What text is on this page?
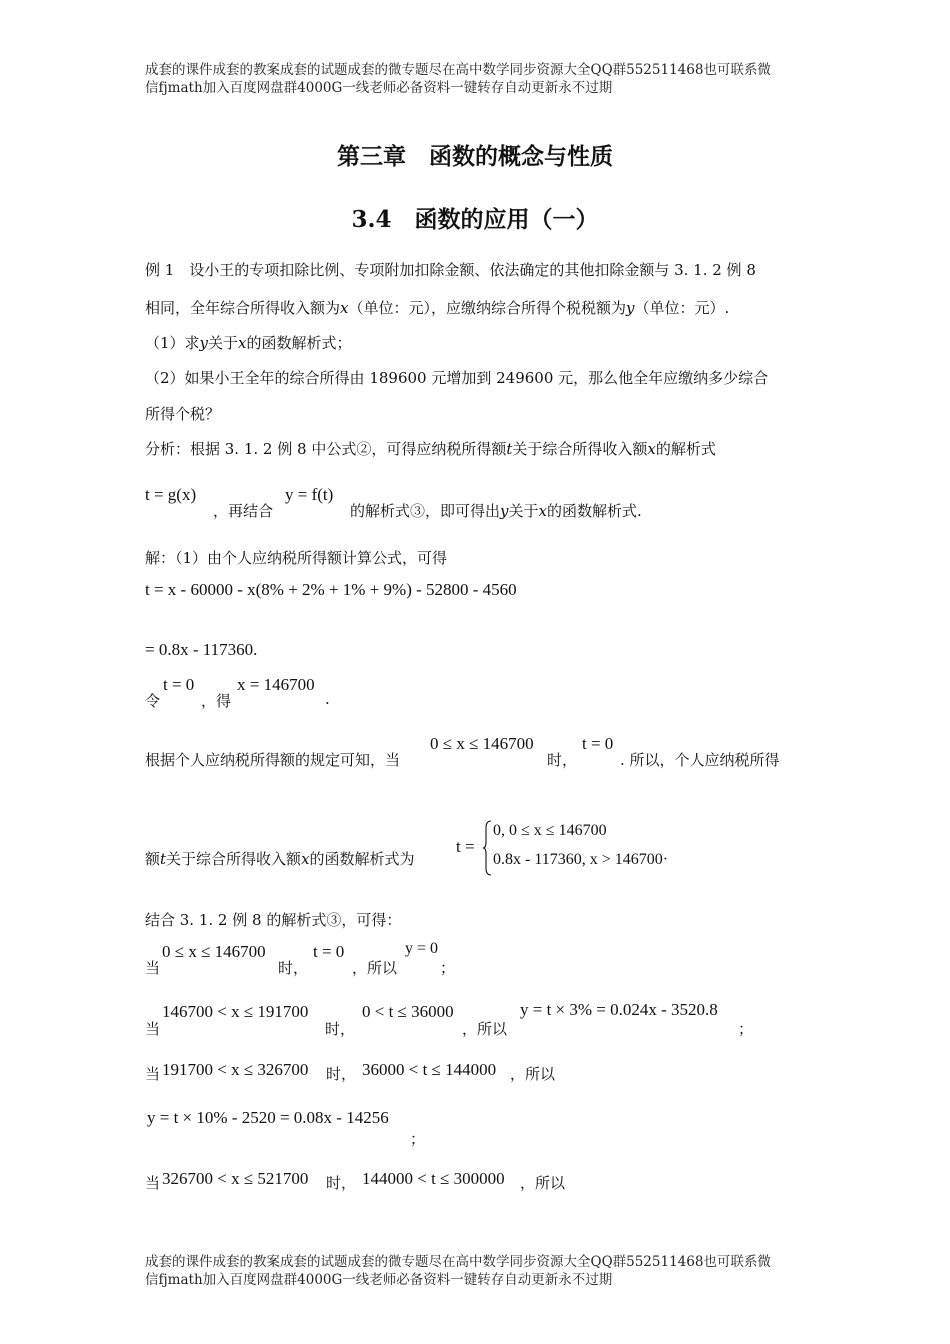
成套的课件成套的教案成套的试题成套的微专题尽在高中数学同步资源大全QQ群552511468也可联系微
信fjmath加入百度网盘群4000G一线老师必备资料一键转存自动更新永不过期
第三章　函数的概念与性质
3.4　函数的应用（一）
例 1　设小王的专项扣除比例、专项附加扣除金额、依法确定的其他扣除金额与 3. 1. 2 例 8
相同，全年综合所得收入额为x（单位：元），应缴纳综合所得个税税额为y（单位：元）.
（1）求y关于x的函数解析式；
（2）如果小王全年的综合所得由 189600 元增加到 249600 元，那么他全年应缴纳多少综合
所得个税？
分析：根据 3. 1. 2 例 8 中公式②，可得应纳税所得额t关于综合所得收入额x的解析式
t = g(x)
，再结合
y = f(t)
的解析式③，即可得出y关于x的函数解析式.
解：（1）由个人应纳税所得额计算公式，可得
t = x - 60000 - x(8% + 2% + 1% + 9%) - 52800 - 4560
= 0.8x - 117360.
令
t = 0
，得
x = 146700
.
根据个人应纳税所得额的规定可知，当
0 ≤ x ≤ 146700
时，
t = 0
. 所以，个人应纳税所得
额t关于综合所得收入额x的函数解析式为
t =
0, 0 ≤ x ≤ 146700
0.8x - 117360, x > 146700·
结合 3. 1. 2 例 8 的解析式③，可得：
当
0 ≤ x ≤ 146700
时，
t = 0
，所以
y = 0
；
当
146700 < x ≤ 191700
时，
0 < t ≤ 36000
，所以
y = t × 3% = 0.024x - 3520.8
；
当 191700 < x ≤ 326700 时， 36000 < t ≤ 144000 ，所以
y = t × 10% - 2520 = 0.08x - 14256
；
当 326700 < x ≤ 521700 时， 144000 < t ≤ 300000 ，所以
成套的课件成套的教案成套的试题成套的微专题尽在高中数学同步资源大全QQ群552511468也可联系微
信fjmath加入百度网盘群4000G一线老师必备资料一键转存自动更新永不过期
